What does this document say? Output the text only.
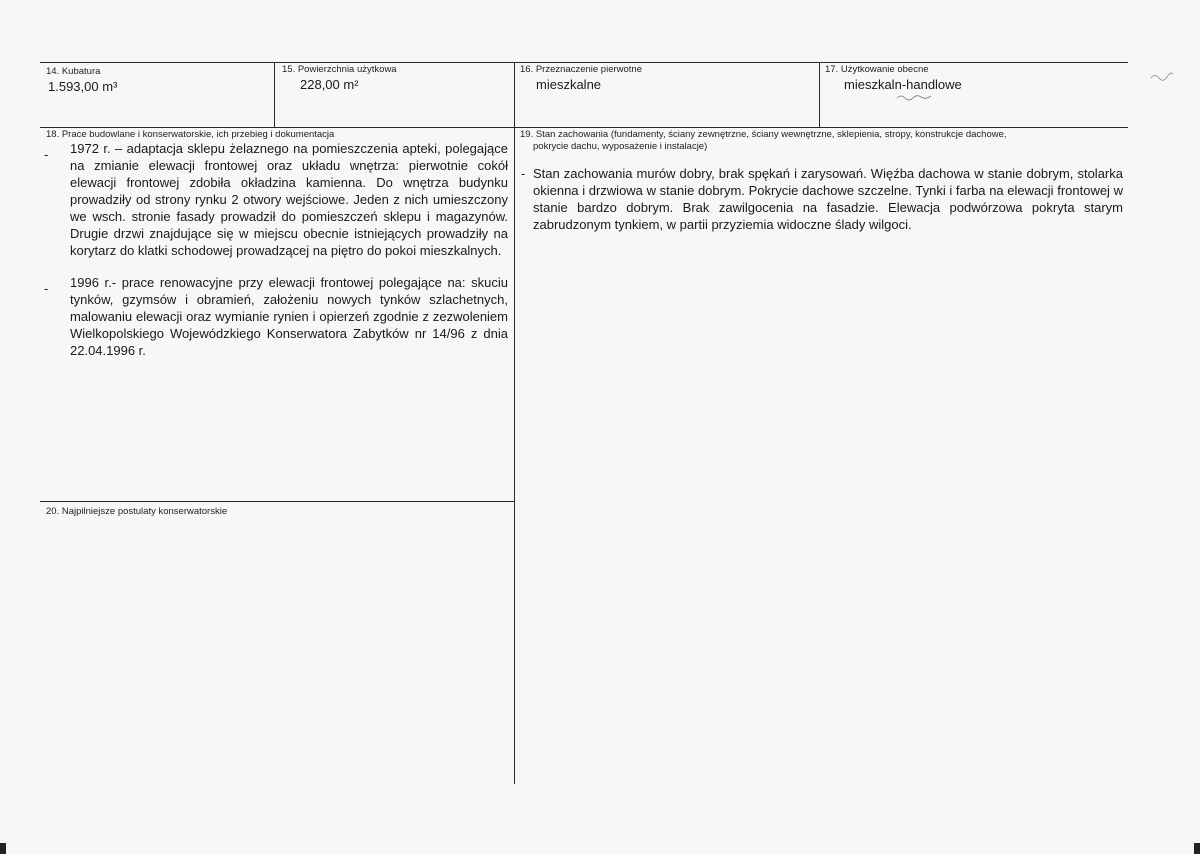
14. Kubatura
1.593,00 m³
15. Powierzchnia użytkowa
228,00 m²
16. Przeznaczenie pierwotne
mieszkalne
17. Użytkowanie obecne
mieszkaln-handlowe
18. Prace budowlane i konserwatorskie, ich przebieg i dokumentacja
- 1972 r. – adaptacja sklepu żelaznego na pomieszczenia apteki, polegające na zmianie elewacji frontowej oraz układu wnętrza: pierwotnie cokół elewacji frontowej zdobiła okładzina kamienna. Do wnętrza budynku prowadziły od strony rynku 2 otwory wejściowe. Jeden z nich umieszczony we wsch. stronie fasady prowadził do pomieszczeń sklepu i magazynów. Drugie drzwi znajdujące się w miejscu obecnie istniejących prowadziły na korytarz do klatki schodowej prowadzącej na piętro do pokoi mieszkalnych.
- 1996 r.- prace renowacyjne przy elewacji frontowej polegające na: skuciu tynków, gzymsów i obramień, założeniu nowych tynków szlachetnych, malowaniu elewacji oraz wymianie rynien i opierzeń zgodnie z zezwoleniem Wielkopolskiego Wojewódzkiego Konserwatora Zabytków nr 14/96 z dnia 22.04.1996 r.
19. Stan zachowania (fundamenty, ściany zewnętrzne, ściany wewnętrzne, sklepienia, stropy, konstrukcje dachowe,
pokrycie dachu, wyposażenie i instalacje)
- Stan zachowania murów dobry, brak spękań i zarysowań. Więźba dachowa w stanie dobrym, stolarka okienna i drzwiowa w stanie dobrym. Pokrycie dachowe szczelne. Tynki i farba na elewacji frontowej w stanie bardzo dobrym. Brak zawilgocenia na fasadzie. Elewacja podwórzowa pokryta starym zabrudzonym tynkiem, w partii przyziemia widoczne ślady wilgoci.
20. Najpilniejsze postulaty konserwatorskie
